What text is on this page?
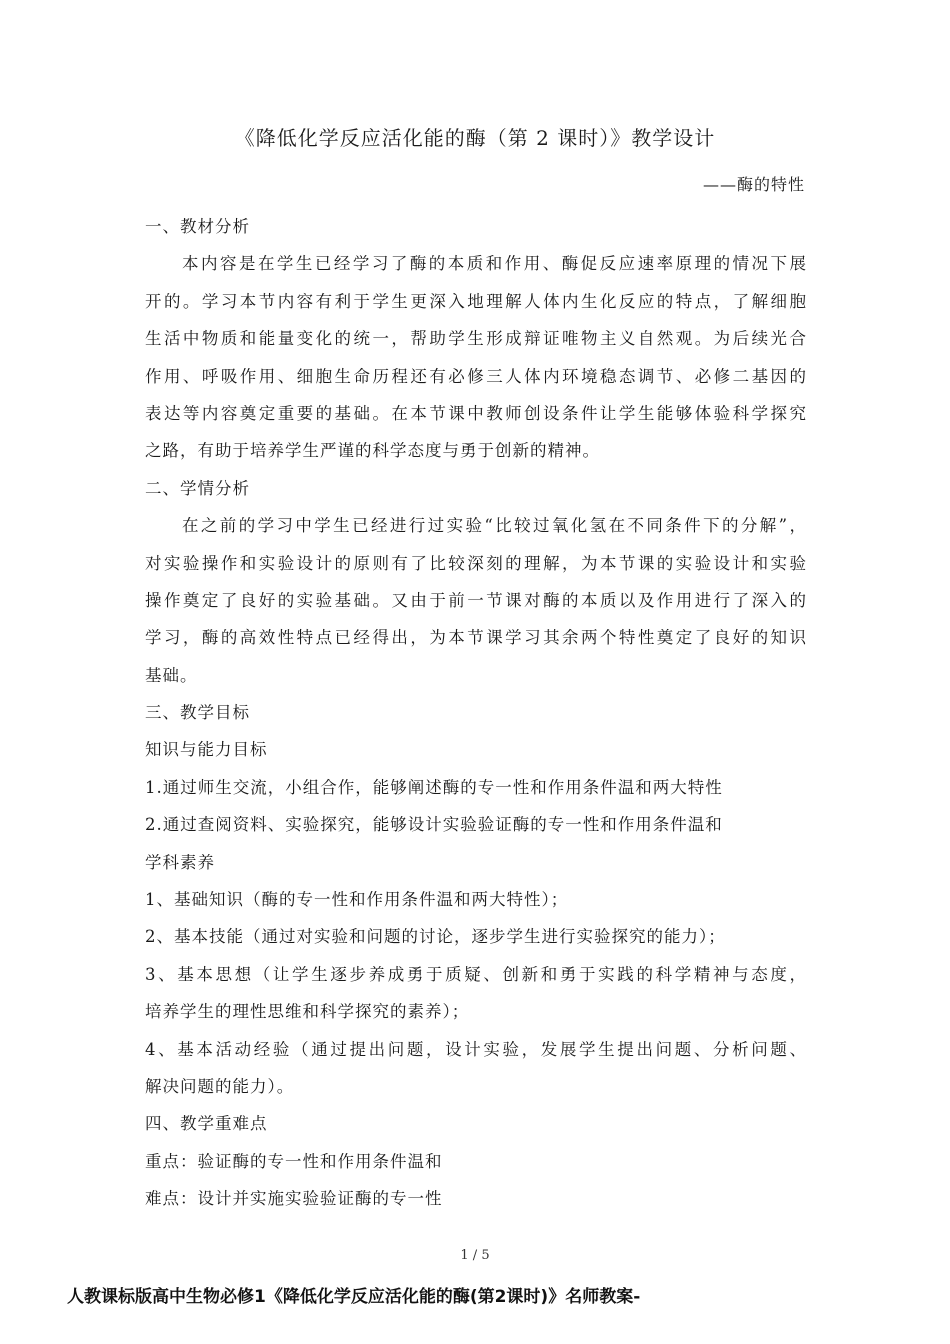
《降低化学反应活化能的酶（第 2 课时）》教学设计
——酶的特性
一、教材分析
本内容是在学生已经学习了酶的本质和作用、酶促反应速率原理的情况下展
开的。学习本节内容有利于学生更深入地理解人体内生化反应的特点，了解细胞
生活中物质和能量变化的统一，帮助学生形成辩证唯物主义自然观。为后续光合
作用、呼吸作用、细胞生命历程还有必修三人体内环境稳态调节、必修二基因的
表达等内容奠定重要的基础。在本节课中教师创设条件让学生能够体验科学探究
之路，有助于培养学生严谨的科学态度与勇于创新的精神。
二、学情分析
在之前的学习中学生已经进行过实验“比较过氧化氢在不同条件下的分解”，
对实验操作和实验设计的原则有了比较深刻的理解，为本节课的实验设计和实验
操作奠定了良好的实验基础。又由于前一节课对酶的本质以及作用进行了深入的
学习，酶的高效性特点已经得出，为本节课学习其余两个特性奠定了良好的知识
基础。
三、教学目标
知识与能力目标
1.通过师生交流，小组合作，能够阐述酶的专一性和作用条件温和两大特性
2.通过查阅资料、实验探究，能够设计实验验证酶的专一性和作用条件温和
学科素养
1、基础知识（酶的专一性和作用条件温和两大特性）；
2、基本技能（通过对实验和问题的讨论，逐步学生进行实验探究的能力）；
3、基本思想（让学生逐步养成勇于质疑、创新和勇于实践的科学精神与态度，
培养学生的理性思维和科学探究的素养）；
4、基本活动经验（通过提出问题，设计实验，发展学生提出问题、分析问题、
解决问题的能力）。
四、教学重难点
重点：验证酶的专一性和作用条件温和
难点：设计并实施实验验证酶的专一性
1 / 5
人教课标版高中生物必修1《降低化学反应活化能的酶(第2课时)》名师教案-
